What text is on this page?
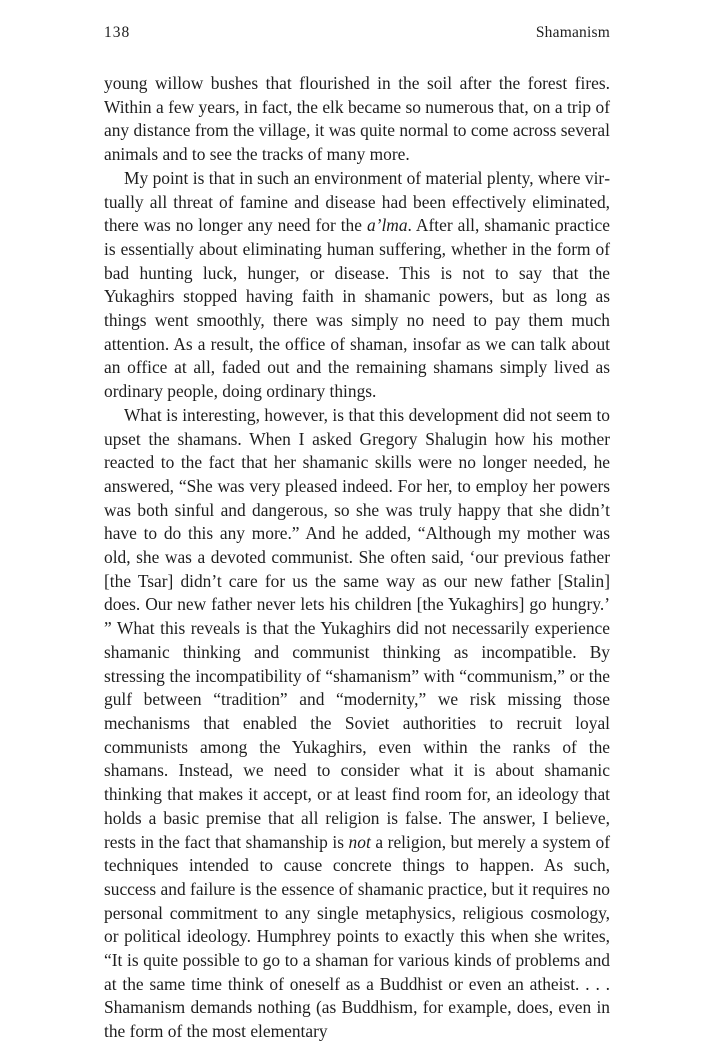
138	Shamanism

young willow bushes that flourished in the soil after the forest fires. Within a few years, in fact, the elk became so numerous that, on a trip of any distance from the village, it was quite normal to come across several animals and to see the tracks of many more.

My point is that in such an environment of material plenty, where virtually all threat of famine and disease had been effectively eliminated, there was no longer any need for the a’lma. After all, shamanic practice is essentially about eliminating human suffering, whether in the form of bad hunting luck, hunger, or disease. This is not to say that the Yukaghirs stopped having faith in shamanic powers, but as long as things went smoothly, there was simply no need to pay them much attention. As a result, the office of shaman, insofar as we can talk about an office at all, faded out and the remaining shamans simply lived as ordinary people, doing ordinary things.

What is interesting, however, is that this development did not seem to upset the shamans. When I asked Gregory Shalugin how his mother reacted to the fact that her shamanic skills were no longer needed, he answered, “She was very pleased indeed. For her, to employ her powers was both sinful and dangerous, so she was truly happy that she didn’t have to do this any more.” And he added, “Although my mother was old, she was a devoted communist. She often said, ‘our previous father [the Tsar] didn’t care for us the same way as our new father [Stalin] does. Our new father never lets his children [the Yukaghirs] go hungry.’ ” What this reveals is that the Yukaghirs did not necessarily experience shamanic thinking and communist thinking as incompatible. By stressing the incompatibility of “shamanism” with “communism,” or the gulf between “tradition” and “modernity,” we risk missing those mechanisms that enabled the Soviet authorities to recruit loyal communists among the Yukaghirs, even within the ranks of the shamans. Instead, we need to consider what it is about shamanic thinking that makes it accept, or at least find room for, an ideology that holds a basic premise that all religion is false. The answer, I believe, rests in the fact that shamanship is not a religion, but merely a system of techniques intended to cause concrete things to happen. As such, success and failure is the essence of shamanic practice, but it requires no personal commitment to any single metaphysics, religious cosmology, or political ideology. Humphrey points to exactly this when she writes, “It is quite possible to go to a shaman for various kinds of problems and at the same time think of oneself as a Buddhist or even an atheist. . . . Shamanism demands nothing (as Buddhism, for example, does, even in the form of the most elementary
